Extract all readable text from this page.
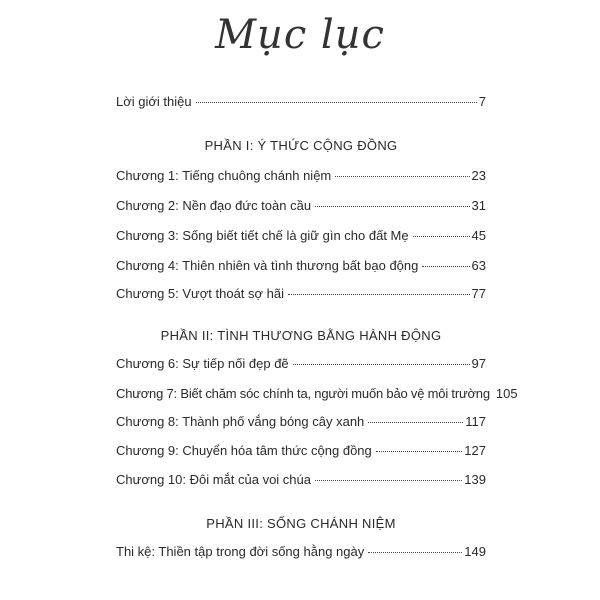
Mục lục
Lời giới thiệu	7
PHẦN I: Ý THỨC CỘNG ĐỒNG
Chương 1: Tiếng chuông chánh niệm	23
Chương 2: Nền đạo đức toàn cầu	31
Chương 3: Sống biết tiết chế là giữ gìn cho đất Mẹ	45
Chương 4: Thiên nhiên và tình thương bất bạo động	63
Chương 5: Vượt thoát sợ hãi	77
PHẦN II: TÌNH THƯƠNG BẰNG HÀNH ĐỘNG
Chương 6: Sự tiếp nối đẹp đẽ	97
Chương 7: Biết chăm sóc chính ta, người muốn bảo vệ môi trường 105
Chương 8: Thành phố vắng bóng cây xanh	117
Chương 9: Chuyển hóa tâm thức cộng đồng	127
Chương 10: Đôi mắt của voi chúa	139
PHẦN III: SỐNG CHÁNH NIỆM
Thi kệ: Thiền tập trong đời sống hằng ngày	149
